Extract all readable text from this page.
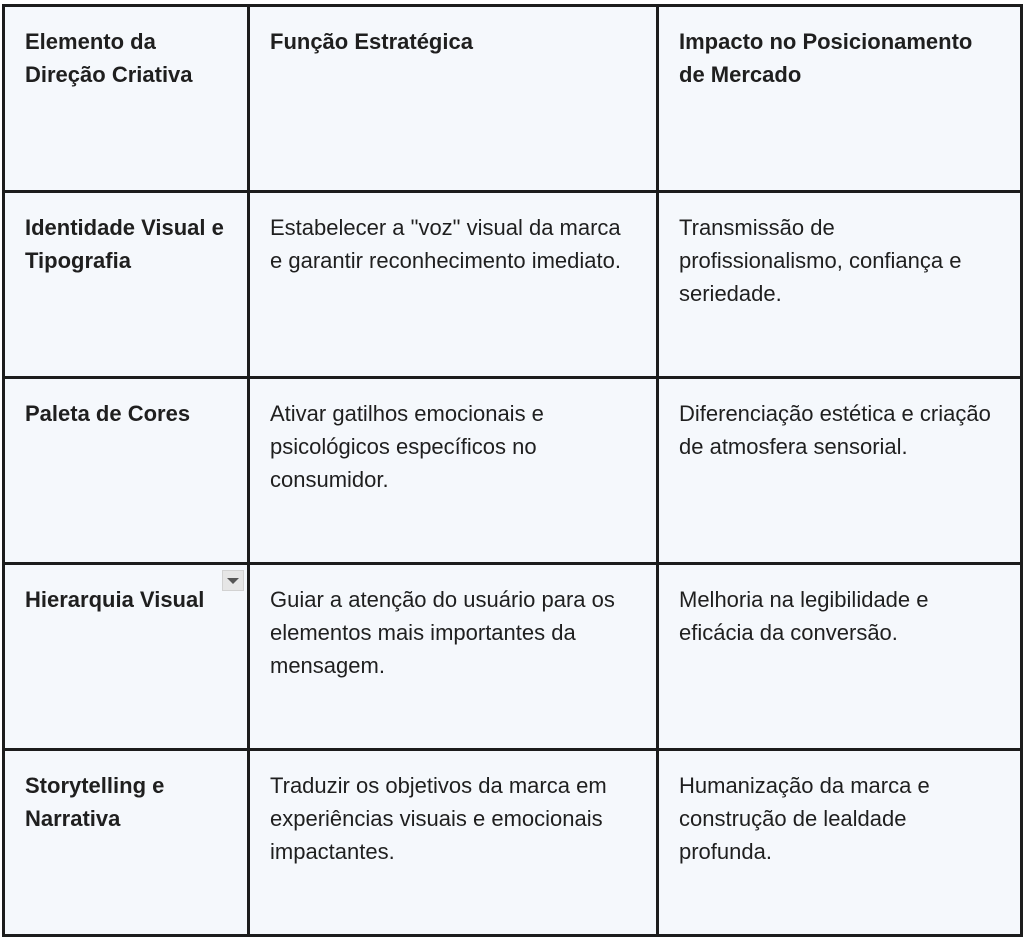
Elemento da Direção Criativa	Função Estratégica	Impacto no Posicionamento de Mercado

Identidade Visual e Tipografia	Estabelecer a "voz" visual da marca e garantir reconhecimento imediato.	Transmissão de profissionalismo, confiança e seriedade.

Paleta de Cores	Ativar gatilhos emocionais e psicológicos específicos no consumidor.	Diferenciação estética e criação de atmosfera sensorial.

Hierarquia Visual	Guiar a atenção do usuário para os elementos mais importantes da mensagem.	Melhoria na legibilidade e eficácia da conversão.

Storytelling e Narrativa	Traduzir os objetivos da marca em experiências visuais e emocionais impactantes.	Humanização da marca e construção de lealdade profunda.
